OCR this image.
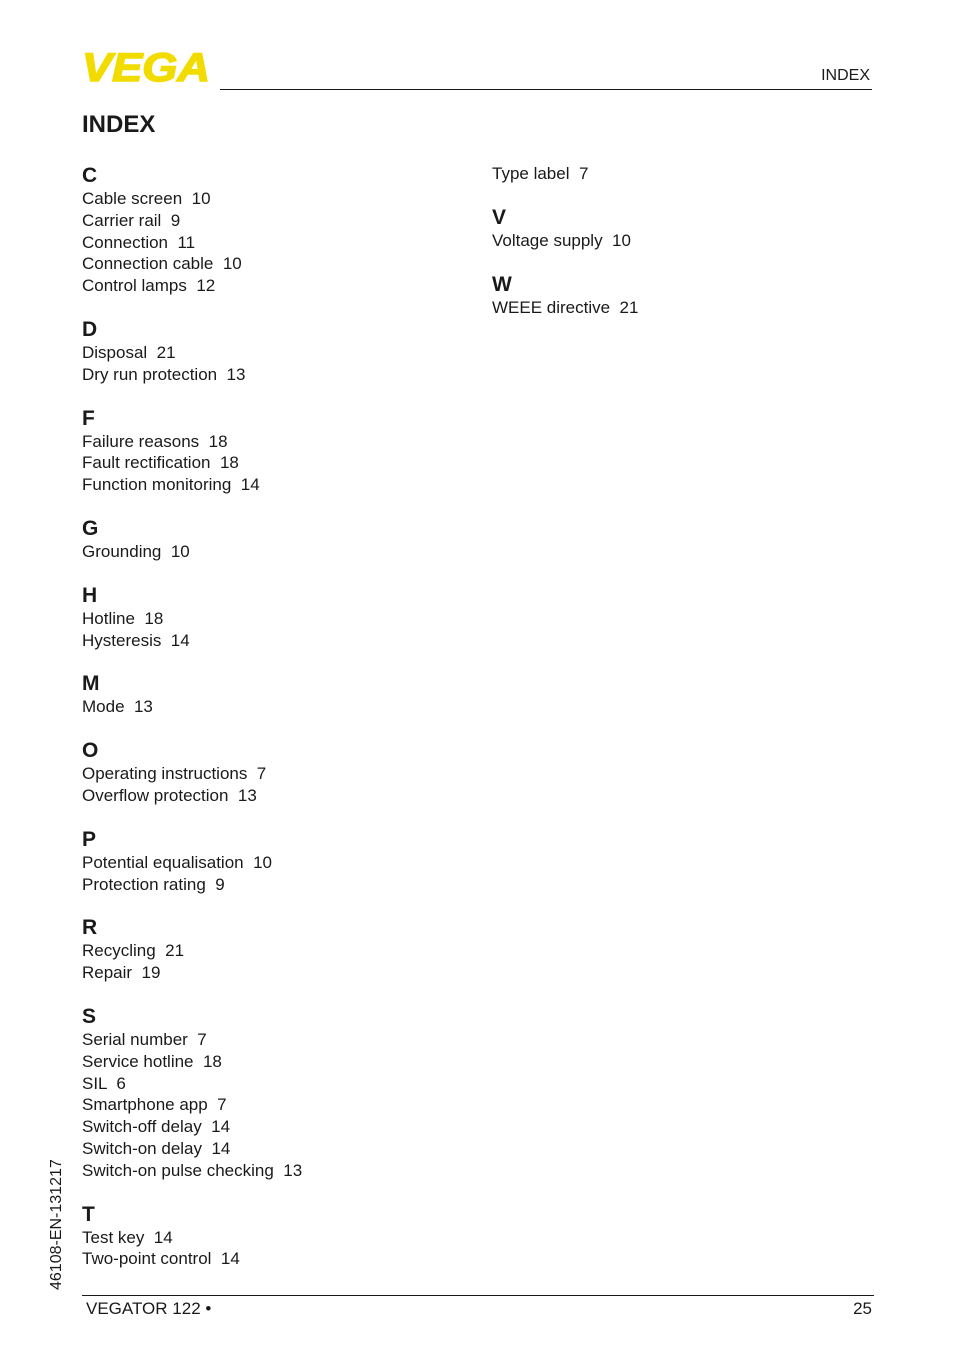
VEGA	INDEX
INDEX
C
Cable screen  10
Carrier rail  9
Connection  11
Connection cable  10
Control lamps  12
D
Disposal  21
Dry run protection  13
F
Failure reasons  18
Fault rectification  18
Function monitoring  14
G
Grounding  10
H
Hotline  18
Hysteresis  14
M
Mode  13
O
Operating instructions  7
Overflow protection  13
P
Potential equalisation  10
Protection rating  9
R
Recycling  21
Repair  19
S
Serial number  7
Service hotline  18
SIL  6
Smartphone app  7
Switch-off delay  14
Switch-on delay  14
Switch-on pulse checking  13
T
Test key  14
Two-point control  14
Type label  7
V
Voltage supply  10
W
WEEE directive  21
46108-EN-131217
VEGATOR 122 •	25
